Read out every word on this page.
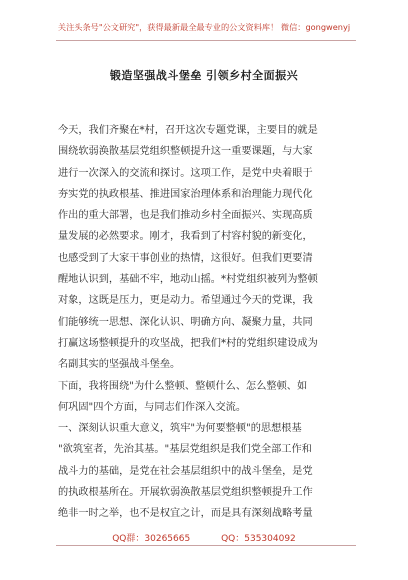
关注头条号"公文研究"，获得最新最全最专业的公文资料库！ 微信：gongwenyj
锻造坚强战斗堡垒 引领乡村全面振兴
今天，我们齐聚在*村，召开这次专题党课，主要目的就是
围绕软弱涣散基层党组织整顿提升这一重要课题，与大家
进行一次深入的交流和探讨。这项工作，是党中央着眼于
夯实党的执政根基、推进国家治理体系和治理能力现代化
作出的重大部署，也是我们推动乡村全面振兴、实现高质
量发展的必然要求。刚才，我看到了村容村貌的新变化，
也感受到了大家干事创业的热情，这很好。但我们更要清
醒地认识到，基础不牢，地动山摇。*村党组织被列为整顿
对象，这既是压力，更是动力。希望通过今天的党课，我
们能够统一思想、深化认识、明确方向、凝聚力量，共同
打赢这场整顿提升的攻坚战，把我们*村的党组织建设成为
名副其实的坚强战斗堡垒。
下面，我将围绕"为什么整顿、整顿什么、怎么整顿、如
何巩固"四个方面，与同志们作深入交流。
一、深刻认识重大意义，筑牢"为何要整顿"的思想根基
"欲筑室者，先治其基。"基层党组织是我们党全部工作和
战斗力的基础，是党在社会基层组织中的战斗堡垒，是党
的执政根基所在。开展软弱涣散基层党组织整顿提升工作
绝非一时之举，也不是权宜之计，而是具有深刻战略考量
QQ群：30265665	QQ：535304092
